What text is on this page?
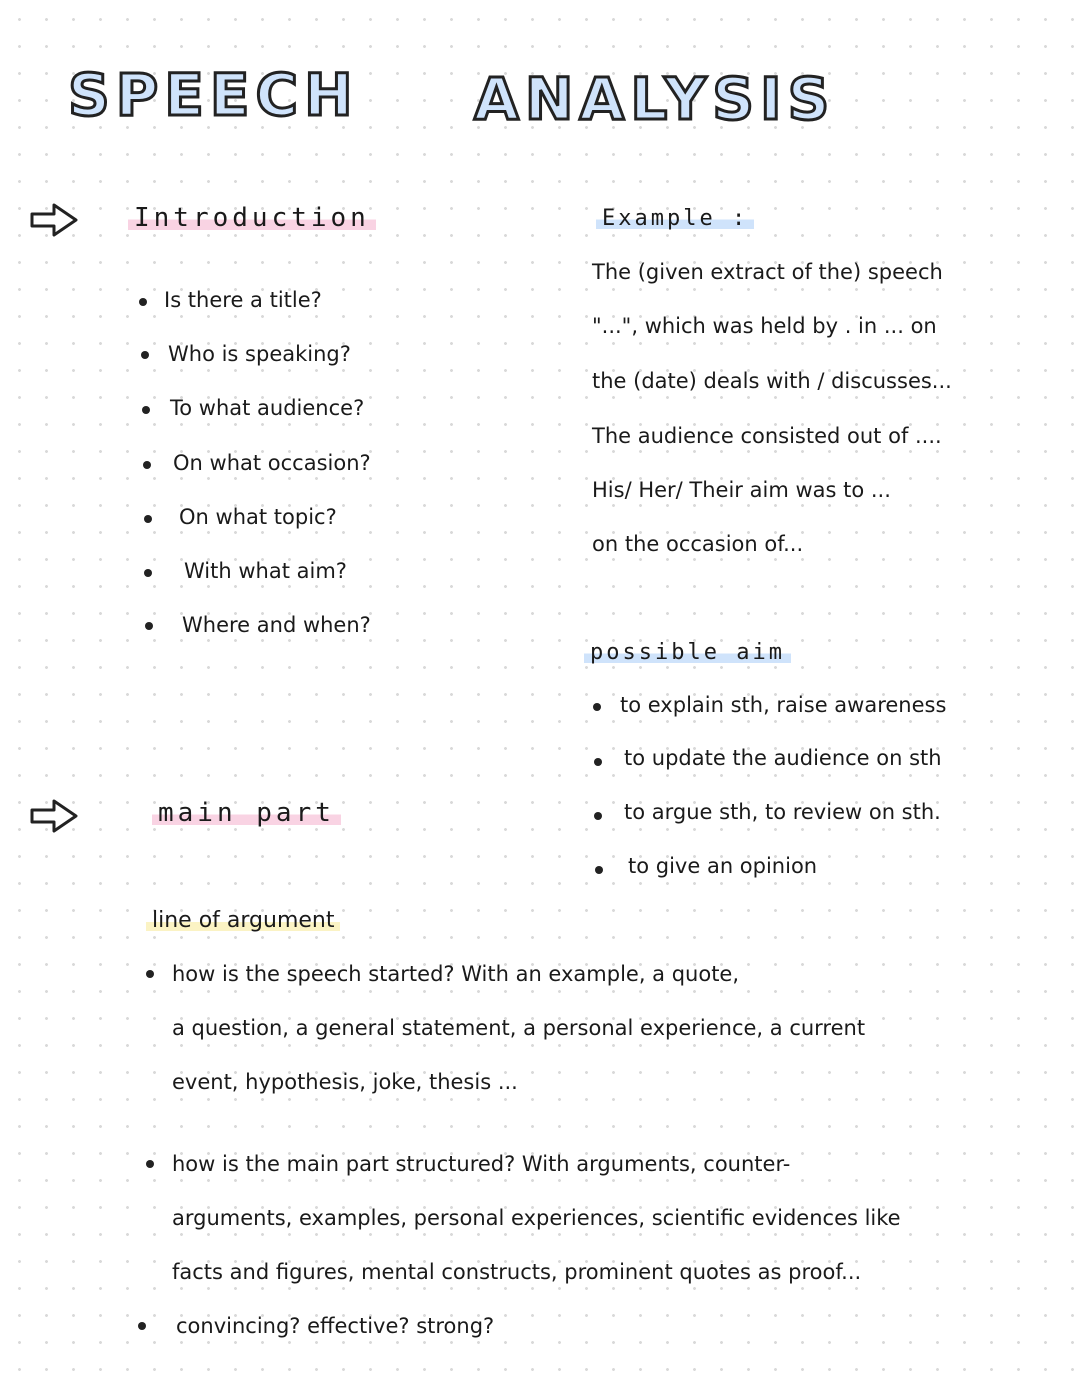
SPEECH ANALYSIS
Introduction
Is there a title?
Who is speaking?
To what audience?
On what occasion?
On what topic?
With what aim?
Where and when?
Example :
The (given extract of the) speech
"...", which was held by . in ... on
the (date) deals with / discusses...
The audience consisted out of ....
His/ Her/ Their aim was to ...
on the occasion of...
possible aim
to explain sth, raise awareness
to update the audience on sth
to argue sth, to review on sth.
to give an opinion
main part
line of argument
how is the speech started? With an example, a quote,
a question, a general statement, a personal experience, a current
event, hypothesis, joke, thesis ...
how is the main part structured? With arguments, counter-
arguments, examples, personal experiences, scientific evidences like
facts and figures, mental constructs, prominent quotes as proof...
convincing? effective? strong?
